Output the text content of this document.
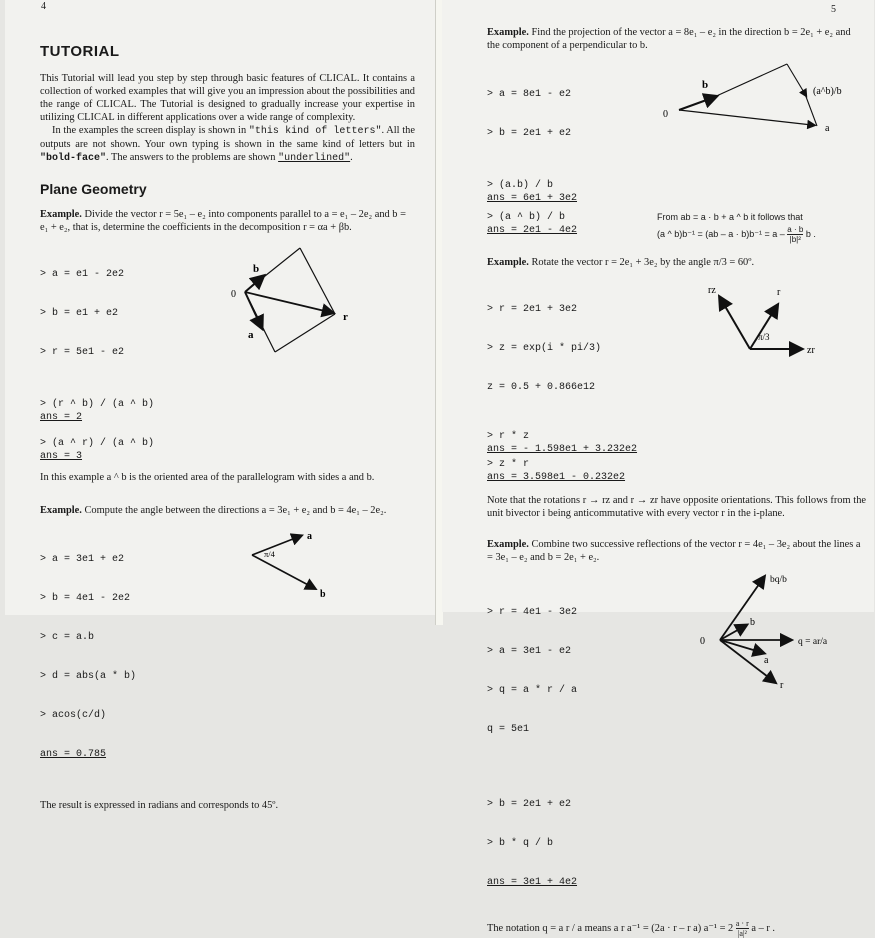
4
TUTORIAL
This Tutorial will lead you step by step through basic features of CLICAL. It contains a collection of worked examples that will give you an impression about the possibilities and the range of CLICAL. The Tutorial is designed to gradually increase your expertise in utilizing CLICAL in different applications over a wide range of complexity.
In the examples the screen display is shown in "this kind of letters". All the outputs are not shown. Your own typing is shown in the same kind of letters but in "bold-face". The answers to the problems are shown "underlined".
Plane Geometry
Example. Divide the vector r = 5e₁ – e₂ into components parallel to a = e₁ – 2e₂ and b = e₁ + e₂, that is, determine the coefficients in the decomposition r = αa + βb.

> a = e1 - 2e2

> b = e1 + e2

> r = 5e1 - e2

> (r ^ b) / (a ^ b)
ans = 2
> (a ^ r) / (a ^ b)
ans = 3
0
b
a
r
In this example a ^ b is the oriented area of the parallelogram with sides a and b.
Example. Compute the angle between the directions a = 3e₁ + e₂ and b = 4e₁ – 2e₂.

> a = 3e1 + e2

> b = 4e1 - 2e2

> c = a.b

> d = abs(a * b)

> acos(c/d)

ans = 0.785

a
b
π/4
The result is expressed in radians and corresponds to 45º.
5
Example. Find the projection of the vector a = 8e₁ – e₂ in the direction b = 2e₁ + e₂ and the component of a perpendicular to b.

> a = 8e1 - e2

> b = 2e1 + e2

> (a.b) / b
ans = 6e1 + 3e2
0
b
a
(a^b)/b
> (a ^ b) / b
ans = 2e1 - 4e2
From ab = a · b + a ^ b it follows that
(a ^ $b)b^{-1} = (ab - a \cdot b)b^{-1} = a - \frac{a \cdot b}{\text{|b|²}}$ b .
Example. Rotate the vector r = 2e₁ + 3e₂ by the angle π/3 = 60º.

> r = 2e1 + 3e2

> z = exp(i * pi/3)

z = 0.5 + 0.866e12

> r * z
ans = - 1.598e1 + 3.232e2
> z * r
ans = 3.598e1 - 0.232e2
rz	r
zr
π/3
Note that the rotations r → rz and r → zr have opposite orientations. This follows from the unit bivector i being anticommutative with every vector r in the i-plane.
Example. Combine two successive reflections of the vector r = 4e₁ – 3e₂ about the lines a = 3e₁ – e₂ and b = 2e₁ + e₂.

> r = 4e1 - 3e2

> a = 3e1 - e2

> q = a * r / a

q = 5e1

> b = 2e1 + e2

> b * q / b

ans = 3e1 + 4e2

0
bq/b
b
q = ar/a
a
r
The notation q = a r / a means a r a⁻¹ = (2a · r – r a) $a^{-1} = 2 \frac{a \cdot r}{\text{|a|²}}$ a – r .
